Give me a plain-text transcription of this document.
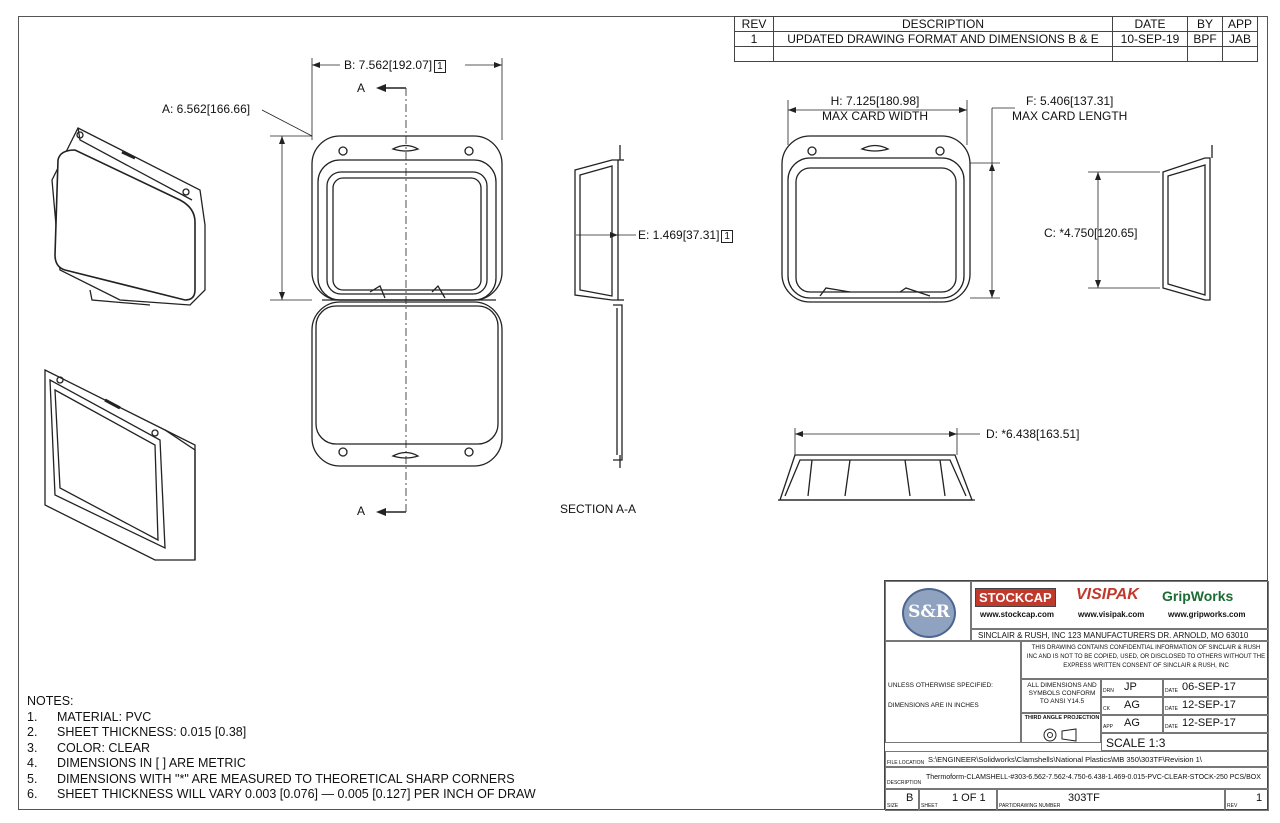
REV	DESCRIPTION	DATE	BY	APP
1	UPDATED DRAWING FORMAT AND DIMENSIONS B & E	10-SEP-19	BPF	JAB

B: 7.562[192.07] 1
A: 6.562[166.66]
A
A	SECTION A-A
E: 1.469[37.31] 1
H: 7.125[180.98]
MAX CARD WIDTH
F: 5.406[137.31]
MAX CARD LENGTH
C: *4.750[120.65]
D: *6.438[163.51]
NOTES:
1. MATERIAL: PVC
2. SHEET THICKNESS: 0.015 [0.38]
3. COLOR: CLEAR
4. DIMENSIONS IN [ ] ARE METRIC
5. DIMENSIONS WITH "*" ARE MEASURED TO THEORETICAL SHARP CORNERS
6. SHEET THICKNESS WILL VARY 0.003 [0.076] — 0.005 [0.127] PER INCH OF DRAW
S&R
STOCKCAP VISIPAK GripWorks
www.stockcap.com	www.visipak.com	www.gripworks.com
SINCLAIR & RUSH, INC 123 MANUFACTURERS DR. ARNOLD, MO 63010
UNLESS OTHERWISE SPECIFIED:
DIMENSIONS ARE IN INCHES
THIS DRAWING CONTAINS CONFIDENTIAL INFORMATION OF SINCLAIR & RUSH INC AND IS NOT TO BE COPIED, USED, OR DISCLOSED TO OTHERS WITHOUT THE EXPRESS WRITTEN CONSENT OF SINCLAIR & RUSH, INC
ALL DIMENSIONS AND SYMBOLS CONFORM TO ANSI Y14.5
THIRD ANGLE PROJECTION
DRN JP	DATE 06-SEP-17
CK AG	DATE 12-SEP-17
APP AG	DATE 12-SEP-17
SCALE 1:3
FILE LOCATION S:\ENGINEER\Solidworks\Clamshells\National Plastics\MB 350\303TF\Revision 1\
DESCRIPTION
Thermoform-CLAMSHELL-#303-6.562-7.562-4.750-6.438-1.469-0.015-PVC-CLEAR-STOCK-250 PCS/BOX
SIZE
B
SHEET
1 OF 1
PART/DRAWING NUMBER
303TF
REV
1
